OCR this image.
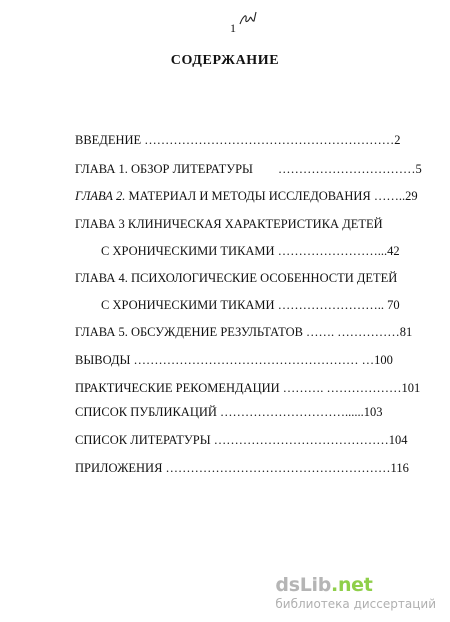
1
СОДЕРЖАНИЕ
ВВЕДЕНИЕ ……………………………………………………2
ГЛАВА 1. ОБЗОР ЛИТЕРАТУРЫ        ……………………………5
ГЛАВА 2. МАТЕРИАЛ И МЕТОДЫ ИССЛЕДОВАНИЯ ……..29
ГЛАВА 3 КЛИНИЧЕСКАЯ ХАРАКТЕРИСТИКА ДЕТЕЙ
С ХРОНИЧЕСКИМИ ТИКАМИ ……………………...42
ГЛАВА 4. ПСИХОЛОГИЧЕСКИЕ ОСОБЕННОСТИ ДЕТЕЙ
С ХРОНИЧЕСКИМИ ТИКАМИ …………………….. 70
ГЛАВА 5. ОБСУЖДЕНИЕ РЕЗУЛЬТАТОВ ……. ……………81
ВЫВОДЫ ……………………………………………… …100
ПРАКТИЧЕСКИЕ РЕКОМЕНДАЦИИ ………. ………………101
СПИСОК ПУБЛИКАЦИЙ …………………………......103
СПИСОК ЛИТЕРАТУРЫ ……………………………………104
ПРИЛОЖЕНИЯ ………………………………………………116
dsLib.net
библиотека диссертаций
